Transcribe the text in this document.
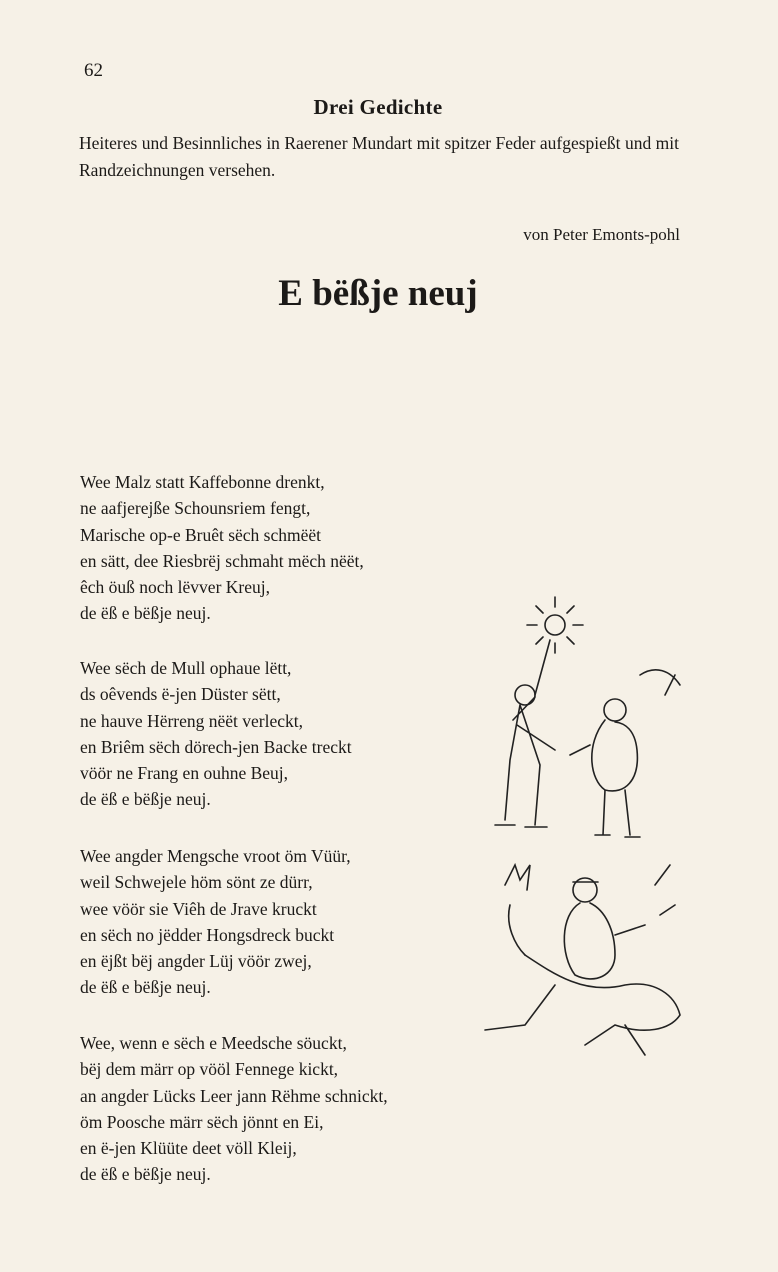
62
Drei Gedichte
Heiteres und Besinnliches in Raerener Mundart mit spitzer Feder aufgespießt und mit Randzeichnungen versehen.
von Peter Emonts-pohl
E bëßje neuj
Wee Malz statt Kaffebonne drenkt,
ne aafjerejße Schounsriem fengt,
Marische op-e Bruêt sëch schmëët
en sätt, dee Riesbrëj schmaht mëch nëët,
êch öuß noch lëvver Kreuj,
de ëß e bëßje neuj.
Wee sëch de Mull ophaue lëtt,
ds oêvends ë-jen Düster sëtt,
ne hauve Hërreng nëët verleckt,
en Briêm sëch dörech-jen Backe treckt
vöör ne Frang en ouhne Beuj,
de ëß e bëßje neuj.
Wee angder Mengsche vroot öm Vüür,
weil Schwejele höm sönt ze dürr,
wee vöör sie Viêh de Jrave kruckt
en sëch no jëdder Hongsdreck buckt
en ëjßt bëj angder Lüj vöör zwej,
de ëß e bëßje neuj.
Wee, wenn e sëch e Meedsche söuckt,
bëj dem märr op vööl Fennege kickt,
an angder Lücks Leer jann Rëhme schnickt,
öm Poosche märr sëch jönnt en Ei,
en ë-jen Klüüte deet völl Kleij,
de ëß e bëßje neuj.
